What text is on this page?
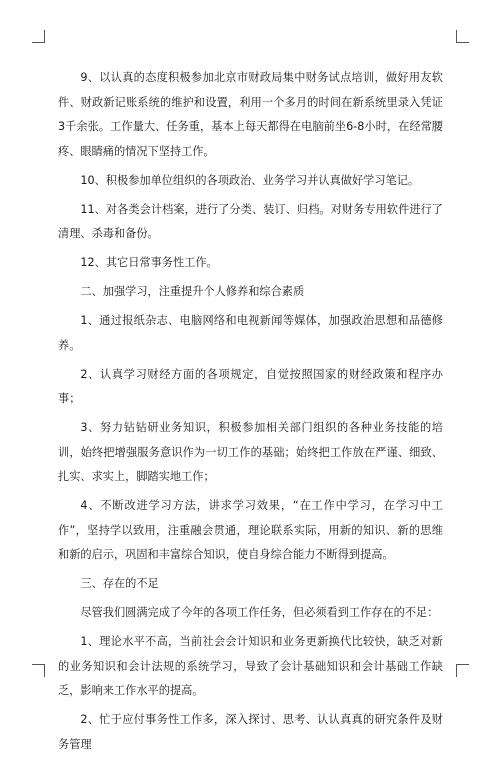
9、以认真的态度积极参加北京市财政局集中财务试点培训，做好用友软件、财政新记账系统的维护和设置，利用一个多月的时间在新系统里录入凭证3千余张。工作量大、任务重，基本上每天都得在电脑前坐6-8小时，在经常腰疼、眼睛痛的情况下坚持工作。

10、积极参加单位组织的各项政治、业务学习并认真做好学习笔记。

11、对各类会计档案，进行了分类、装订、归档。对财务专用软件进行了清理、杀毒和备份。

12、其它日常事务性工作。

二、加强学习，注重提升个人修养和综合素质

1、通过报纸杂志、电脑网络和电视新闻等媒体，加强政治思想和品德修养。

2、认真学习财经方面的各项规定，自觉按照国家的财经政策和程序办事；

3、努力钻钻研业务知识，积极参加相关部门组织的各种业务技能的培训，始终把增强服务意识作为一切工作的基础；始终把工作放在严谨、细致、扎实、求实上，脚踏实地工作；

4、不断改进学习方法，讲求学习效果，“在工作中学习，在学习中工作”，坚持学以致用，注重融会贯通，理论联系实际，用新的知识、新的思维和新的启示，巩固和丰富综合知识，使自身综合能力不断得到提高。

三、存在的不足

尽管我们圆满完成了今年的各项工作任务，但必须看到工作存在的不足：

1、理论水平不高，当前社会会计知识和业务更新换代比较快，缺乏对新的业务知识和会计法规的系统学习，导致了会计基础知识和会计基础工作缺乏，影响来工作水平的提高。

2、忙于应付事务性工作多，深入探讨、思考、认认真真的研究条件及财务管理
